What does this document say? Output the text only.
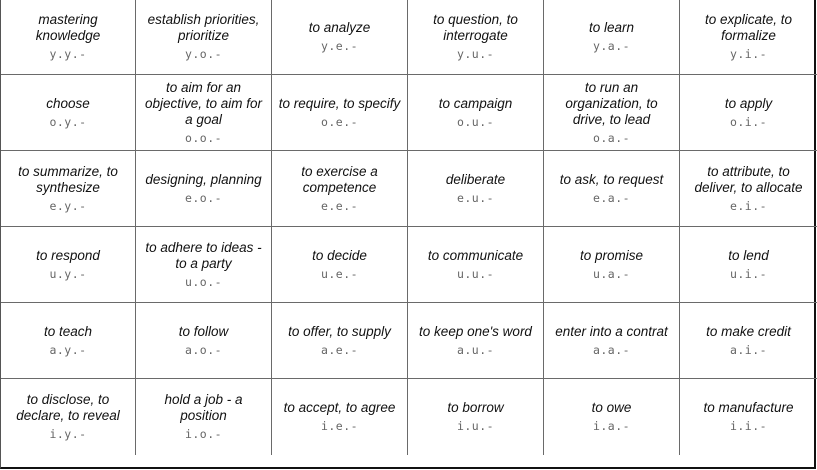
mastering knowledge
y.y.-
establish priorities, prioritize
y.o.-
to analyze
y.e.-
to question, to interrogate
y.u.-
to learn
y.a.-
to explicate, to formalize
y.i.-
choose
o.y.-
to aim for an objective, to aim for a goal
o.o.-
to require, to specify
o.e.-
to campaign
o.u.-
to run an organization, to drive, to lead
o.a.-
to apply
o.i.-
to summarize, to synthesize
e.y.-
designing, planning
e.o.-
to exercise a competence
e.e.-
deliberate
e.u.-
to ask, to request
e.a.-
to attribute, to deliver, to allocate
e.i.-
to respond
u.y.-
to adhere to ideas - to a party
u.o.-
to decide
u.e.-
to communicate
u.u.-
to promise
u.a.-
to lend
u.i.-
to teach
a.y.-
to follow
a.o.-
to offer, to supply
a.e.-
to keep one's word
a.u.-
enter into a contrat
a.a.-
to make credit
a.i.-
to disclose, to declare, to reveal
i.y.-
hold a job - a position
i.o.-
to accept, to agree
i.e.-
to borrow
i.u.-
to owe
i.a.-
to manufacture
i.i.-
